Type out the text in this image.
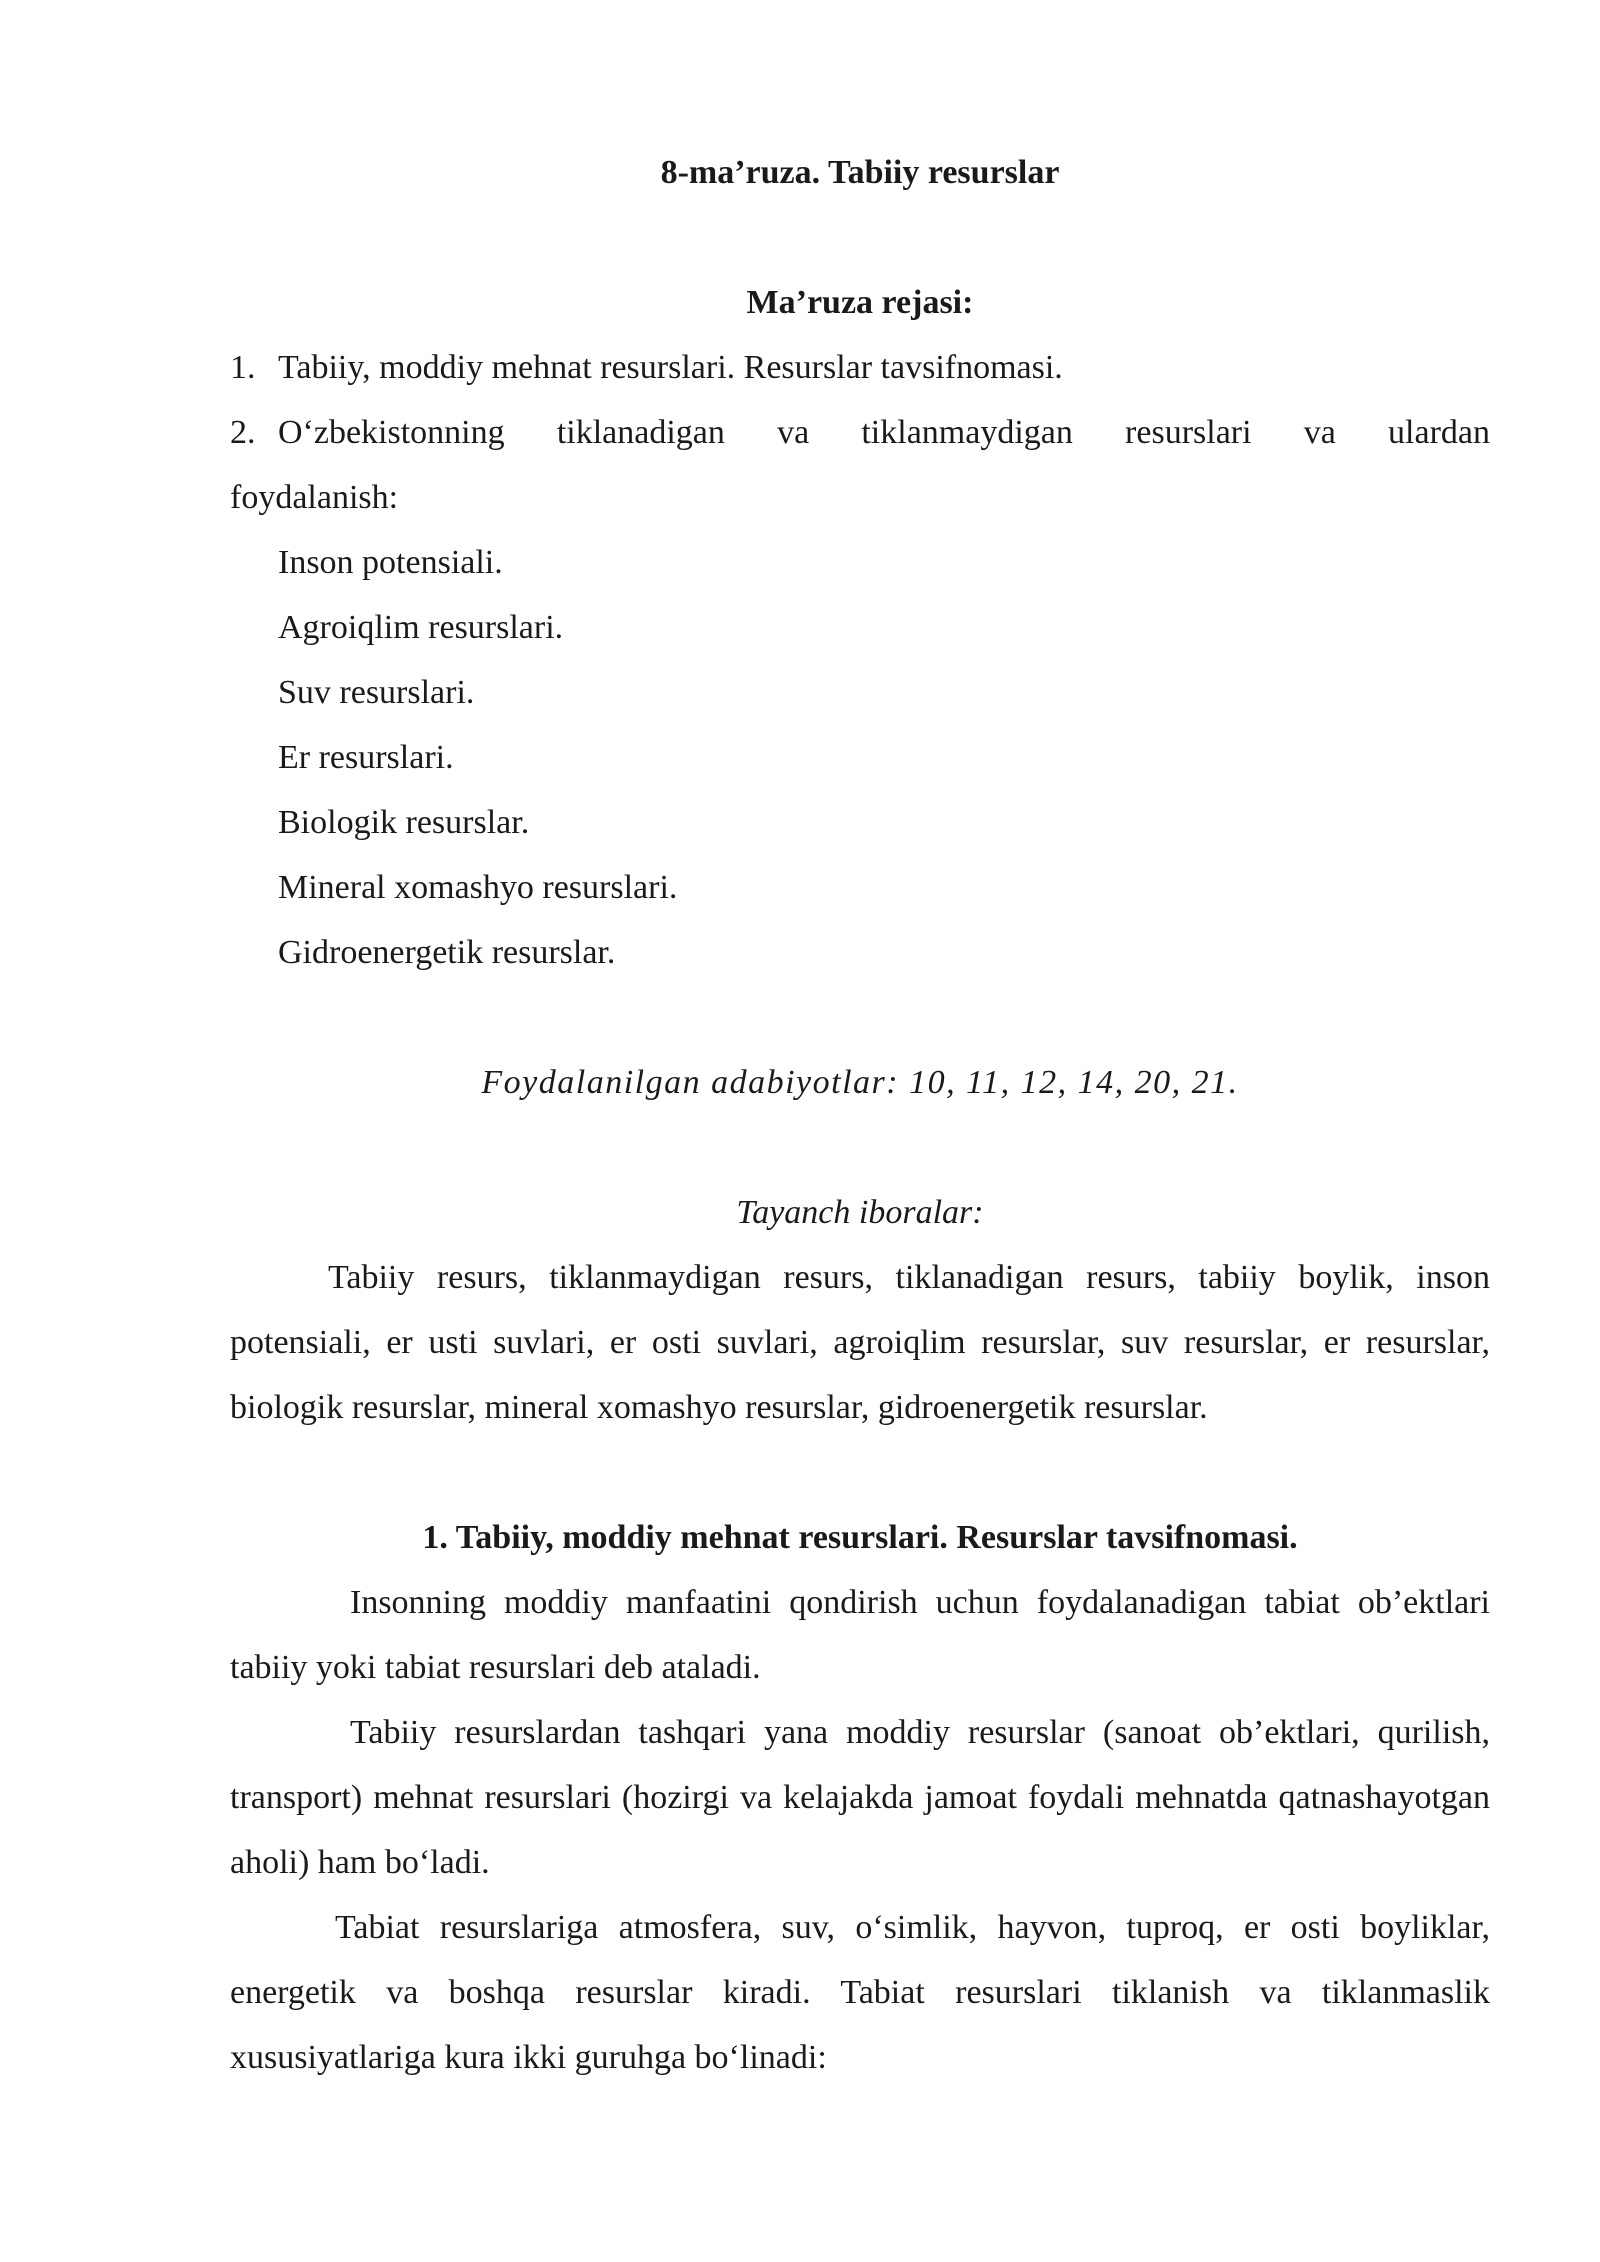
8-ma’ruza. Tabiiy resurslar

Ma’ruza rejasi:

1. Tabiiy, moddiy mehnat resurslari. Resurslar tavsifnomasi.
2. O‘zbekistonning tiklanadigan va tiklanmaydigan resurslari va ulardan

foydalanish:

Inson potensiali.

Agroiqlim resurslari.

Suv resurslari.

Er resurslari.

Biologik resurslar.

Mineral xomashyo resurslari.

Gidroenergetik resurslar.

Foydalanilgan adabiyotlar: 10, 11, 12, 14, 20, 21.

Tayanch iboralar:

Tabiiy resurs, tiklanmaydigan resurs, tiklanadigan resurs, tabiiy boylik, inson potensiali, er usti suvlari, er osti suvlari, agroiqlim resurslar, suv resurslar, er resurslar, biologik resurslar, mineral xomashyo resurslar, gidroenergetik resurslar.

1. Tabiiy, moddiy mehnat resurslari. Resurslar tavsifnomasi.

Insonning moddiy manfaatini qondirish uchun foydalanadigan tabiat ob’ektlari tabiiy yoki tabiat resurslari deb ataladi.

Tabiiy resurslardan tashqari yana moddiy resurslar (sanoat ob’ektlari, qurilish, transport) mehnat resurslari (hozirgi va kelajakda jamoat foydali mehnatda qatnashayotgan aholi) ham bo‘ladi.

Tabiat resurslariga atmosfera, suv, o‘simlik, hayvon, tuproq, er osti boyliklar, energetik va boshqa resurslar kiradi. Tabiat resurslari tiklanish va tiklanmaslik xususiyatlariga kura ikki guruhga bo‘linadi:
